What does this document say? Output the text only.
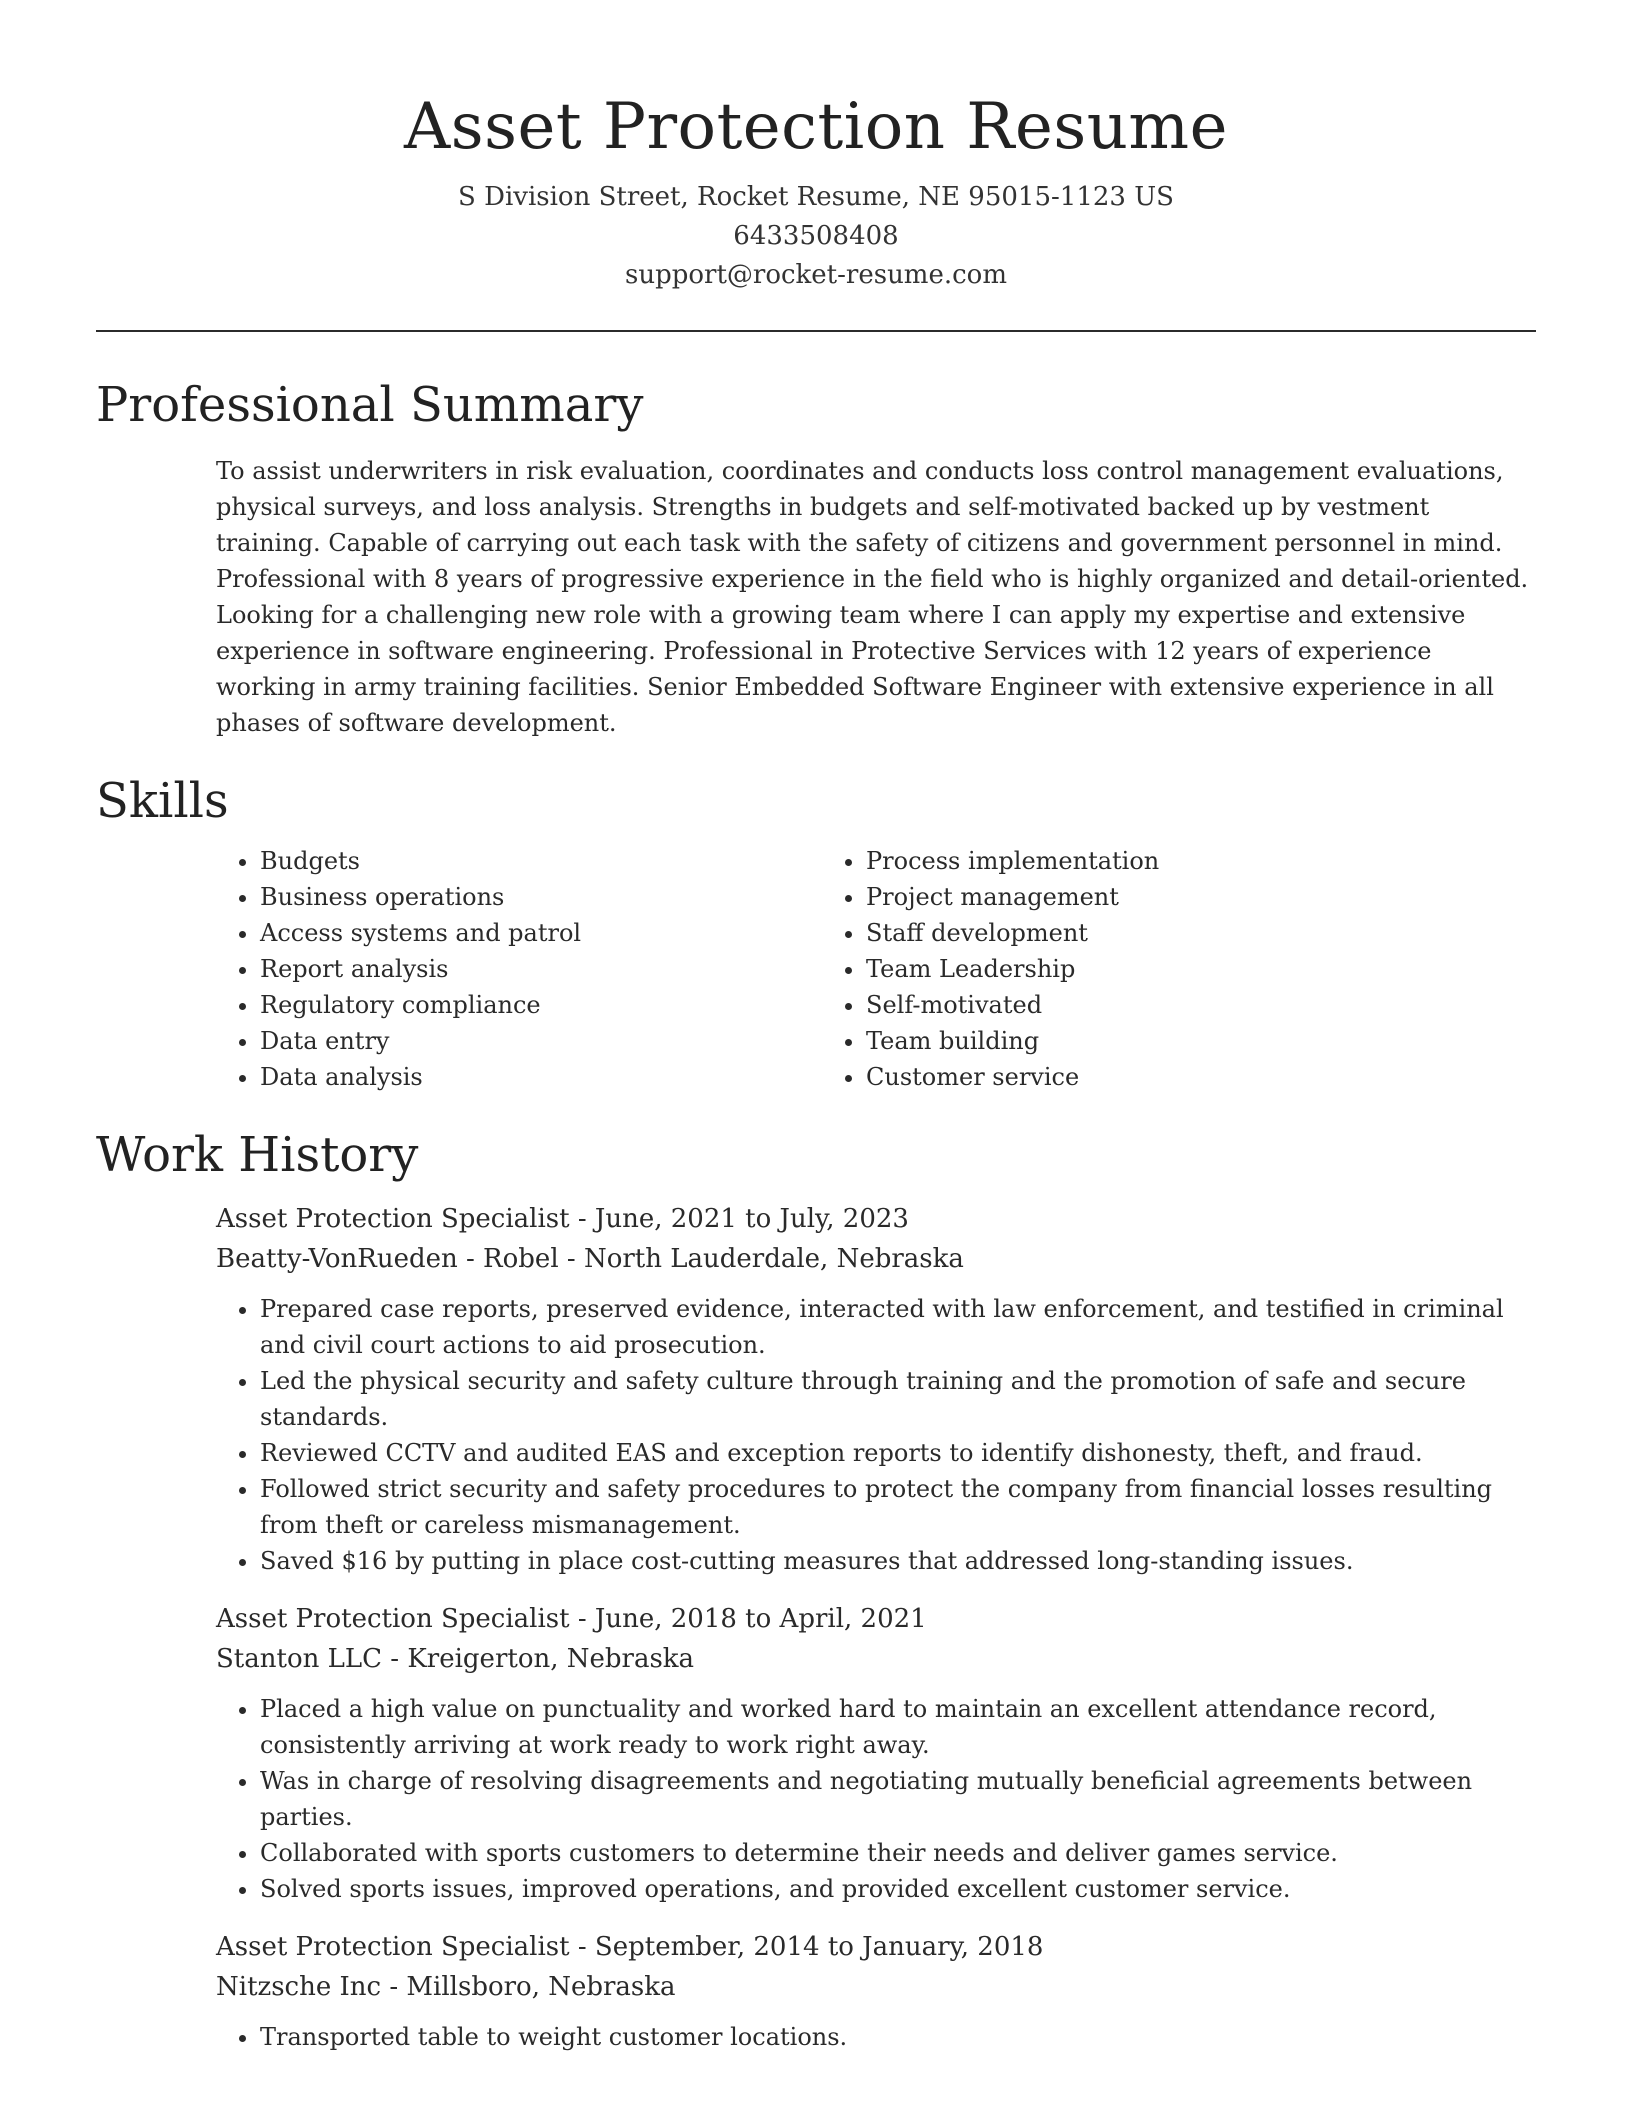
Asset Protection Resume
S Division Street, Rocket Resume, NE 95015-1123 US
6433508408
support@rocket-resume.com
Professional Summary

To assist underwriters in risk evaluation, coordinates and conducts loss control management evaluations, physical surveys, and loss analysis. Strengths in budgets and self-motivated backed up by vestment training. Capable of carrying out each task with the safety of citizens and government personnel in mind. Professional with 8 years of progressive experience in the field who is highly organized and detail-oriented. Looking for a challenging new role with a growing team where I can apply my expertise and extensive experience in software engineering. Professional in Protective Services with 12 years of experience working in army training facilities. Senior Embedded Software Engineer with extensive experience in all phases of software development.

Skills
• Budgets
• Business operations
• Access systems and patrol
• Report analysis
• Regulatory compliance
• Data entry
• Data analysis
• Process implementation
• Project management
• Staff development
• Team Leadership
• Self-motivated
• Team building
• Customer service
Work History
Asset Protection Specialist - June, 2021 to July, 2023
Beatty-VonRueden - Robel - North Lauderdale, Nebraska
• Prepared case reports, preserved evidence, interacted with law enforcement, and testified in criminal and civil court actions to aid prosecution.
• Led the physical security and safety culture through training and the promotion of safe and secure standards.
• Reviewed CCTV and audited EAS and exception reports to identify dishonesty, theft, and fraud.
• Followed strict security and safety procedures to protect the company from financial losses resulting from theft or careless mismanagement.
• Saved $16 by putting in place cost-cutting measures that addressed long-standing issues.
Asset Protection Specialist - June, 2018 to April, 2021
Stanton LLC - Kreigerton, Nebraska
• Placed a high value on punctuality and worked hard to maintain an excellent attendance record, consistently arriving at work ready to work right away.
• Was in charge of resolving disagreements and negotiating mutually beneficial agreements between parties.
• Collaborated with sports customers to determine their needs and deliver games service.
• Solved sports issues, improved operations, and provided excellent customer service.
Asset Protection Specialist - September, 2014 to January, 2018
Nitzsche Inc - Millsboro, Nebraska
• Transported table to weight customer locations.
